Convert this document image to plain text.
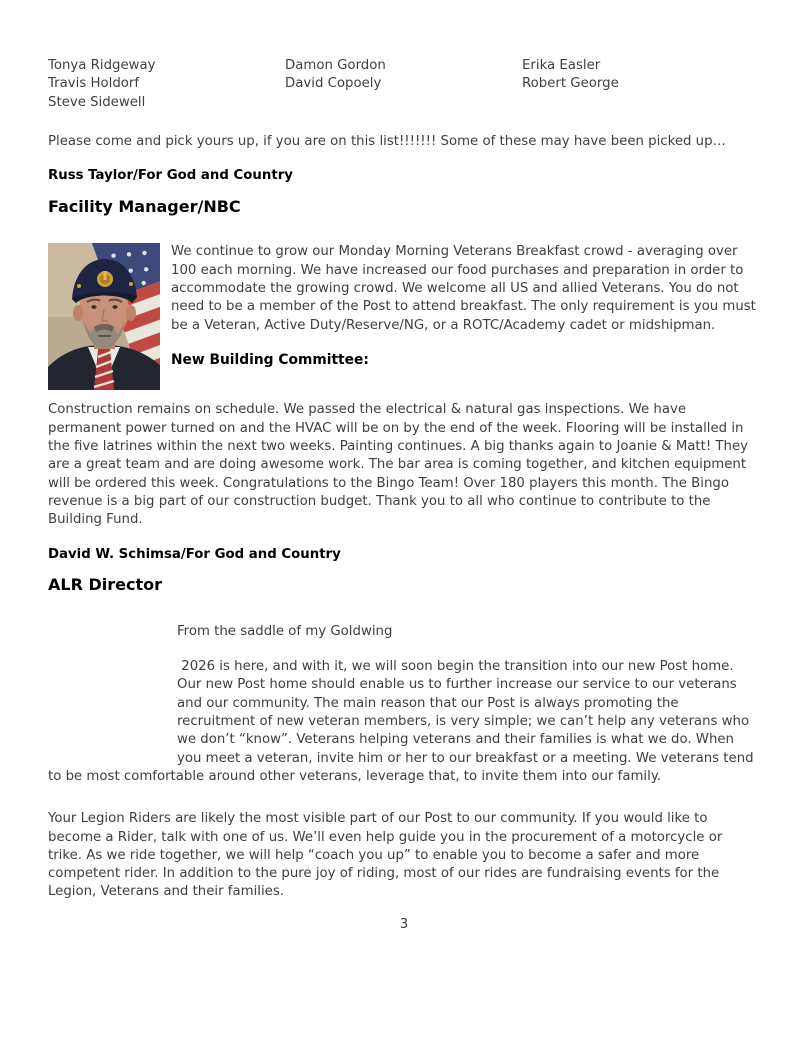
Tonya Ridgeway
Travis Holdorf
Steve Sidewell
Damon Gordon
David Copoely
Erika Easler
Robert George

Please come and pick yours up, if you are on this list!!!!!!! Some of these may have been picked up…

Russ Taylor/For God and Country

Facility Manager/NBC

We continue to grow our Monday Morning Veterans Breakfast crowd - averaging over 100 each morning. We have increased our food purchases and preparation in order to accommodate the growing crowd. We welcome all US and allied Veterans. You do not need to be a member of the Post to attend breakfast. The only requirement is you must be a Veteran, Active Duty/Reserve/NG, or a ROTC/Academy cadet or midshipman.

New Building Committee:

Construction remains on schedule. We passed the electrical & natural gas inspections. We have permanent power turned on and the HVAC will be on by the end of the week. Flooring will be installed in the five latrines within the next two weeks. Painting continues. A big thanks again to Joanie & Matt! They are a great team and are doing awesome work. The bar area is coming together, and kitchen equipment will be ordered this week. Congratulations to the Bingo Team! Over 180 players this month. The Bingo revenue is a big part of our construction budget. Thank you to all who continue to contribute to the Building Fund.

David W. Schimsa/For God and Country

ALR Director

From the saddle of my Goldwing

2026 is here, and with it, we will soon begin the transition into our new Post home. Our new Post home should enable us to further increase our service to our veterans and our community. The main reason that our Post is always promoting the recruitment of new veteran members, is very simple; we can’t help any veterans who we don’t “know”. Veterans helping veterans and their families is what we do. When you meet a veteran, invite him or her to our breakfast or a meeting. We veterans tend to be most comfortable around other veterans, leverage that, to invite them into our family.

Your Legion Riders are likely the most visible part of our Post to our community. If you would like to become a Rider, talk with one of us. We’ll even help guide you in the procurement of a motorcycle or trike. As we ride together, we will help “coach you up” to enable you to become a safer and more competent rider. In addition to the pure joy of riding, most of our rides are fundraising events for the Legion, Veterans and their families.

3
